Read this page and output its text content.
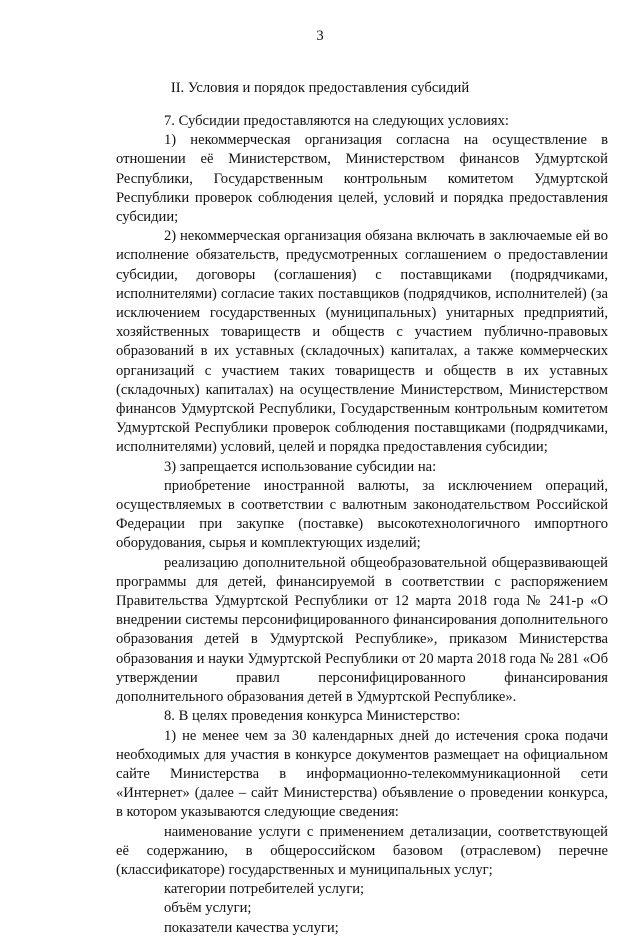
3
II. Условия и порядок предоставления субсидий

7. Субсидии предоставляются на следующих условиях:

1) некоммерческая организация согласна на осуществление в отношении её Министерством, Министерством финансов Удмуртской Республики, Государственным контрольным комитетом Удмуртской Республики проверок соблюдения целей, условий и порядка предоставления субсидии;

2) некоммерческая организация обязана включать в заключаемые ей во исполнение обязательств, предусмотренных соглашением о предоставлении субсидии, договоры (соглашения) с поставщиками (подрядчиками, исполнителями) согласие таких поставщиков (подрядчиков, исполнителей) (за исключением государственных (муниципальных) унитарных предприятий, хозяйственных товариществ и обществ с участием публично-правовых образований в их уставных (складочных) капиталах, а также коммерческих организаций с участием таких товариществ и обществ в их уставных (складочных) капиталах) на осуществление Министерством, Министерством финансов Удмуртской Республики, Государственным контрольным комитетом Удмуртской Республики проверок соблюдения поставщиками (подрядчиками, исполнителями) условий, целей и порядка предоставления субсидии;

3) запрещается использование субсидии на:

приобретение иностранной валюты, за исключением операций, осуществляемых в соответствии с валютным законодательством Российской Федерации при закупке (поставке) высокотехнологичного импортного оборудования, сырья и комплектующих изделий;

реализацию дополнительной общеобразовательной общеразвивающей программы для детей, финансируемой в соответствии с распоряжением Правительства Удмуртской Республики от 12 марта 2018 года № 241-р «О внедрении системы персонифицированного финансирования дополнительного образования детей в Удмуртской Республике», приказом Министерства образования и науки Удмуртской Республики от 20 марта 2018 года № 281 «Об утверждении правил персонифицированного финансирования дополнительного образования детей в Удмуртской Республике».

8. В целях проведения конкурса Министерство:

1) не менее чем за 30 календарных дней до истечения срока подачи необходимых для участия в конкурсе документов размещает на официальном сайте Министерства в информационно-телекоммуникационной сети «Интернет» (далее – сайт Министерства) объявление о проведении конкурса, в котором указываются следующие сведения:

наименование услуги с применением детализации, соответствующей её содержанию, в общероссийском базовом (отраслевом) перечне (классификаторе) государственных и муниципальных услуг;

категории потребителей услуги;

объём услуги;

показатели качества услуги;
